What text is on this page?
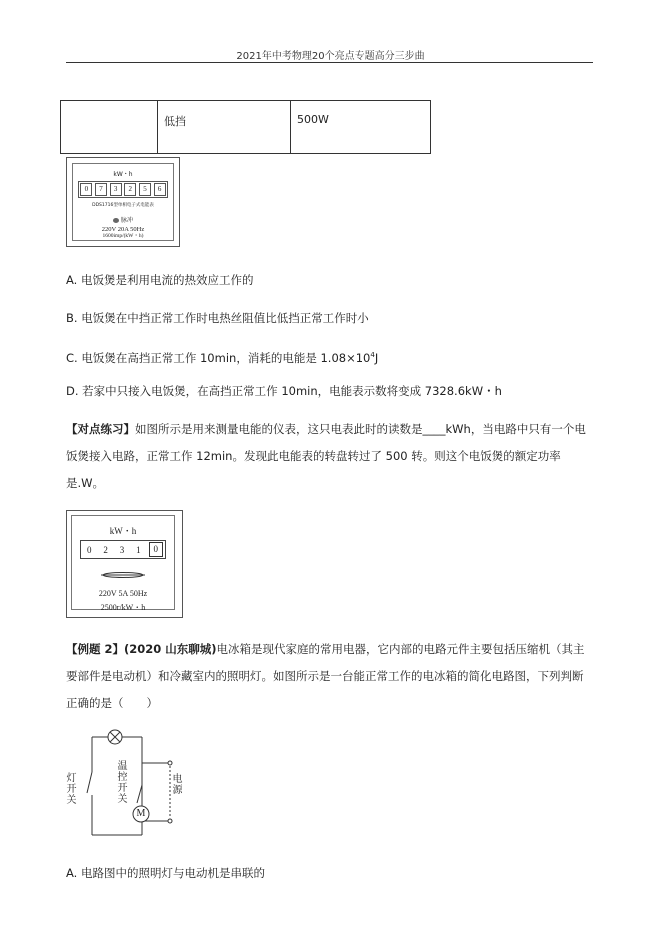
2021年中考物理20个亮点专题高分三步曲
	低挡	500W
kW・h
0	7	3	2	5	6
DDS1716型单相电子式电能表
脉冲
220V 20A 50Hz
1600imp/(kW・h)
A. 电饭煲是利用电流的热效应工作的
B. 电饭煲在中挡正常工作时电热丝阻值比低挡正常工作时小
C. 电饭煲在高挡正常工作 10min，消耗的电能是 $1.08\times 10^4J$
D. 若家中只接入电饭煲，在高挡正常工作 10min，电能表示数将变成 7328.6kW・h
【对点练习】如图所示是用来测量电能的仪表，这只电表此时的读数是____kWh，当电路中只有一个电饭煲接入电路，正常工作 12min。发现此电能表的转盘转过了 500 转。则这个电饭煲的额定功率是.W。
kW・h
0	2	3	1	0
220V 5A 50Hz
2500r/kW・h
【例题 2】(2020 山东聊城)电冰箱是现代家庭的常用电器，它内部的电路元件主要包括压缩机（其主要部件是电动机）和冷藏室内的照明灯。如图所示是一台能正常工作的电冰箱的简化电路图，下列判断正确的是（　　）
M
灯开关
温控开关
电源
A. 电路图中的照明灯与电动机是串联的
